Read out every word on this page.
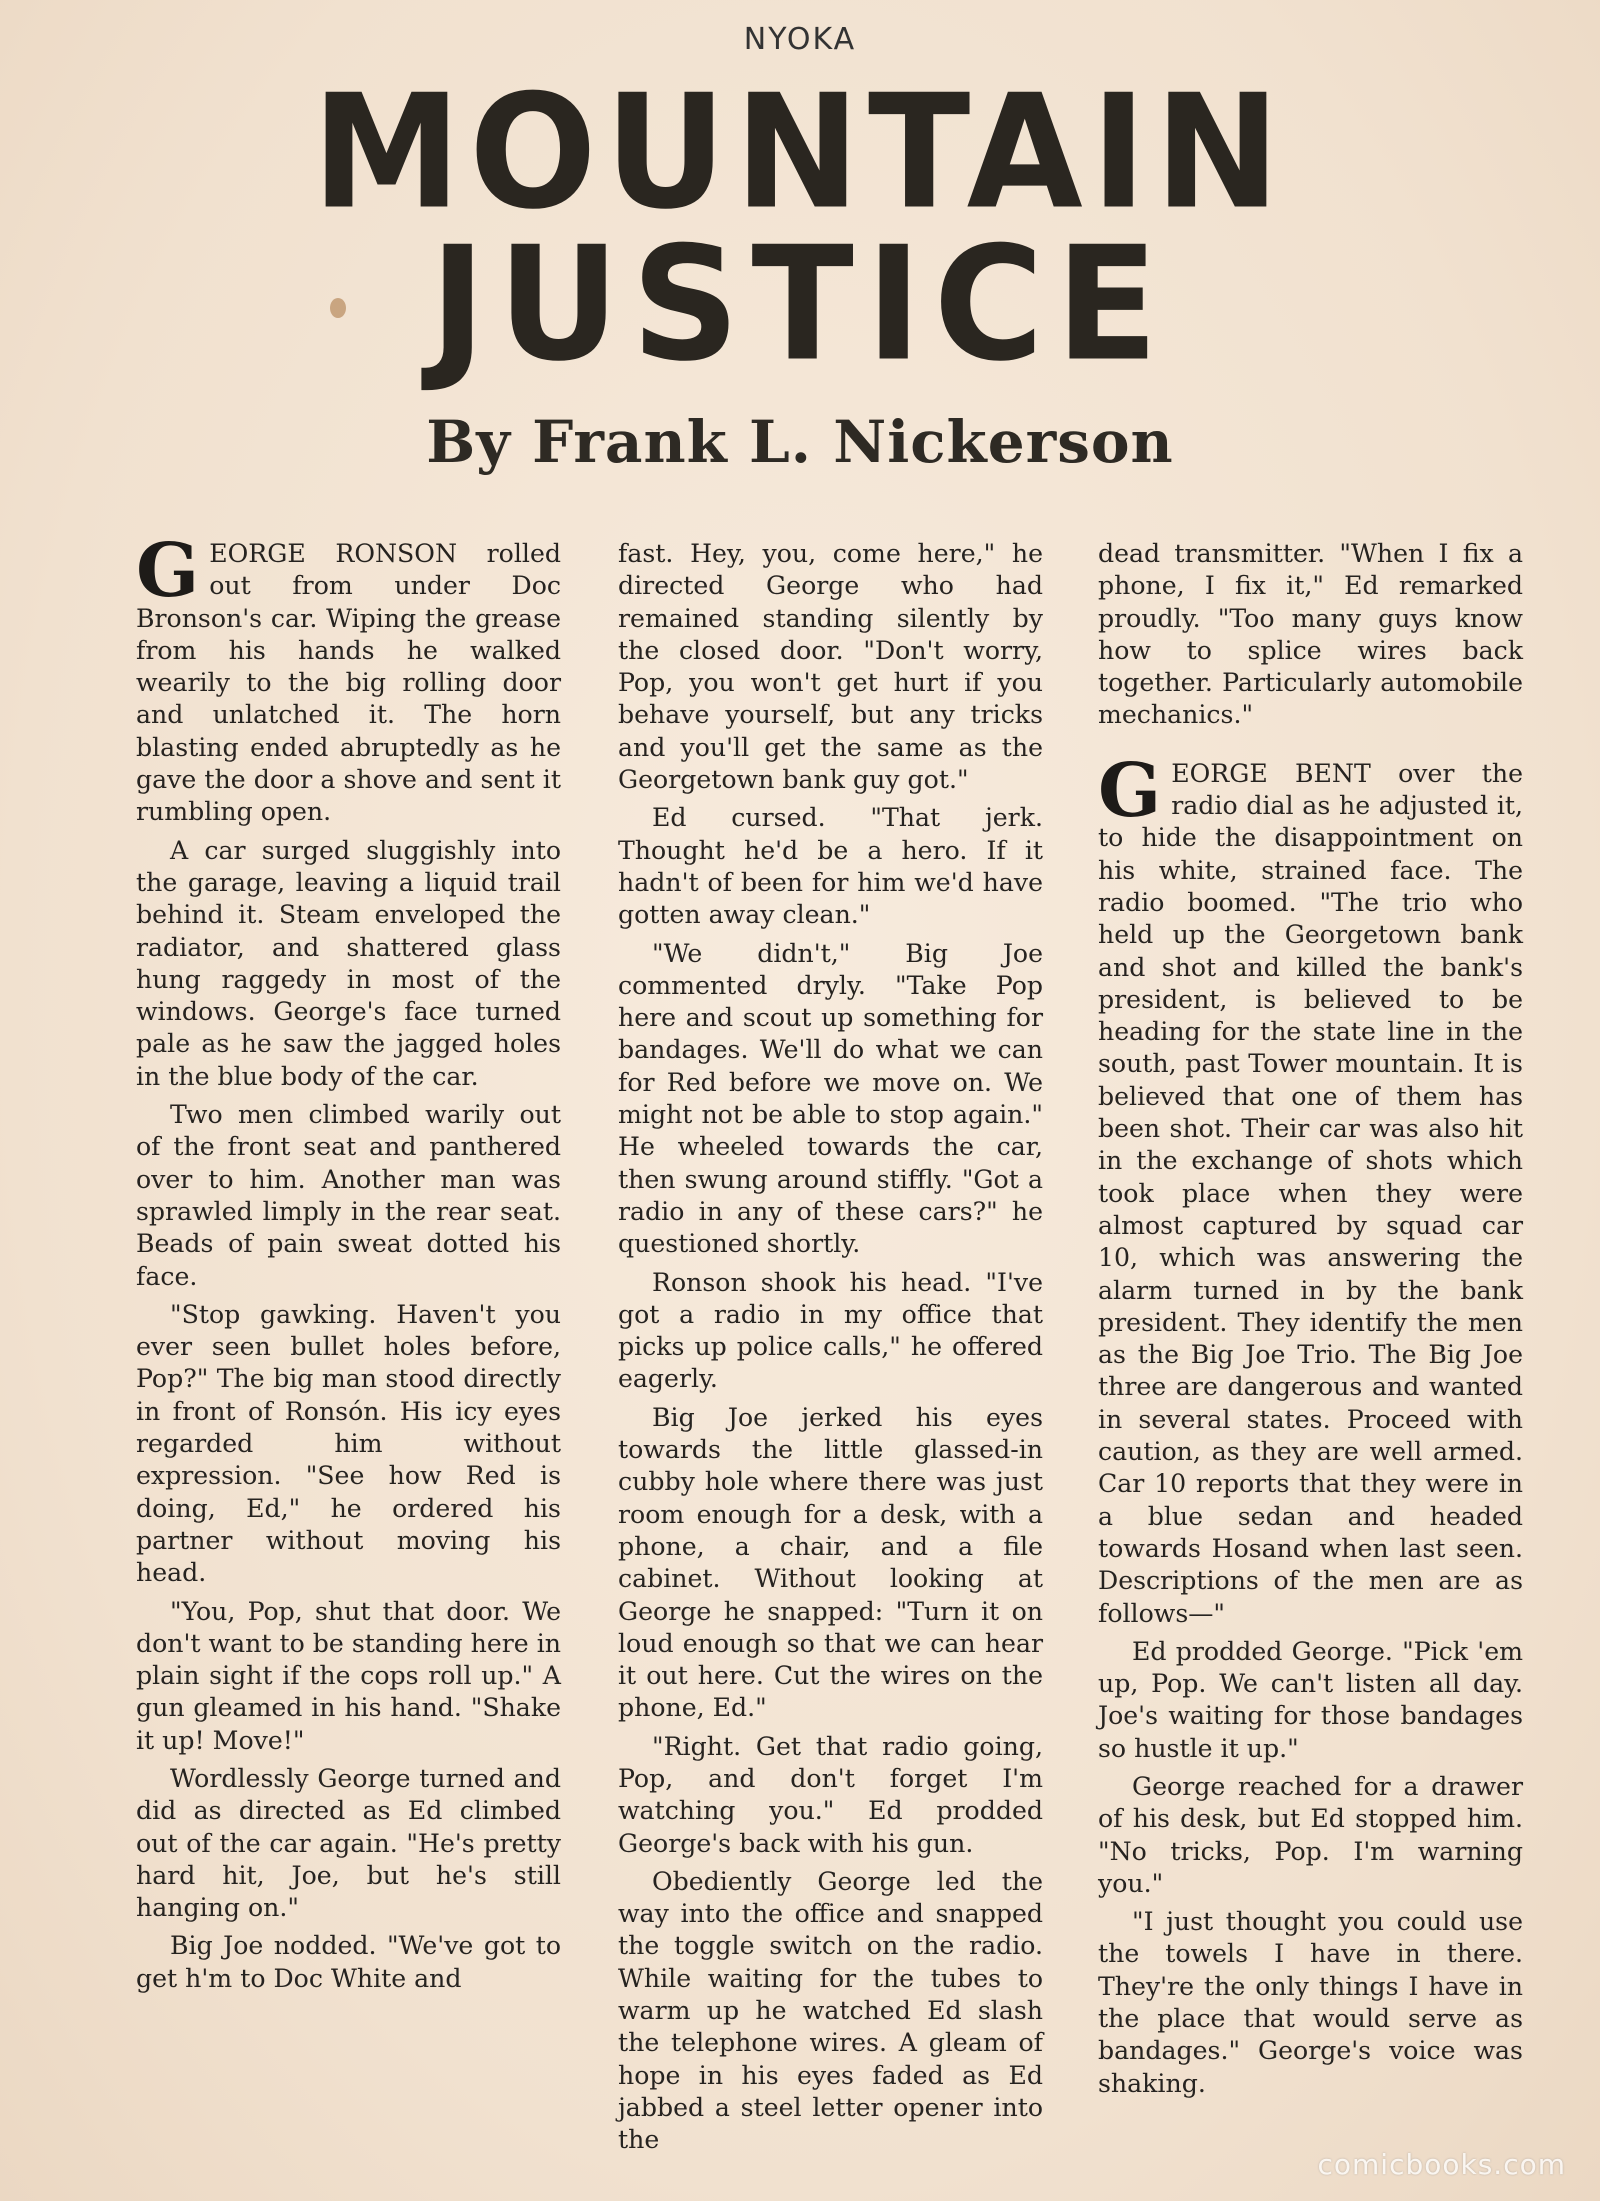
NYOKA
MOUNTAIN
JUSTICE
By Frank L. Nickerson

GEORGE RONSON rolled out from under Doc Bronson's car. Wiping the grease from his hands he walked wearily to the big rolling door and unlatched it. The horn blasting ended abruptedly as he gave the door a shove and sent it rumbling open.

A car surged sluggishly into the garage, leaving a liquid trail behind it. Steam enveloped the radiator, and shattered glass hung raggedy in most of the windows. George's face turned pale as he saw the jagged holes in the blue body of the car.

Two men climbed warily out of the front seat and panthered over to him. Another man was sprawled limply in the rear seat. Beads of pain sweat dotted his face.

"Stop gawking. Haven't you ever seen bullet holes before, Pop?" The big man stood directly in front of Ronsón. His icy eyes regarded him without expression. "See how Red is doing, Ed," he ordered his partner without moving his head.

"You, Pop, shut that door. We don't want to be standing here in plain sight if the cops roll up." A gun gleamed in his hand. "Shake it up! Move!"

Wordlessly George turned and did as directed as Ed climbed out of the car again. "He's pretty hard hit, Joe, but he's still hanging on."

Big Joe nodded. "We've got to get h'm to Doc White and

fast. Hey, you, come here," he directed George who had remained standing silently by the closed door. "Don't worry, Pop, you won't get hurt if you behave yourself, but any tricks and you'll get the same as the Georgetown bank guy got."

Ed cursed. "That jerk. Thought he'd be a hero. If it hadn't of been for him we'd have gotten away clean."

"We didn't," Big Joe commented dryly. "Take Pop here and scout up something for bandages. We'll do what we can for Red before we move on. We might not be able to stop again." He wheeled towards the car, then swung around stiffly. "Got a radio in any of these cars?" he questioned shortly.

Ronson shook his head. "I've got a radio in my office that picks up police calls," he offered eagerly.

Big Joe jerked his eyes towards the little glassed-in cubby hole where there was just room enough for a desk, with a phone, a chair, and a file cabinet. Without looking at George he snapped: "Turn it on loud enough so that we can hear it out here. Cut the wires on the phone, Ed."

"Right. Get that radio going, Pop, and don't forget I'm watching you." Ed prodded George's back with his gun.

Obediently George led the way into the office and snapped the toggle switch on the radio. While waiting for the tubes to warm up he watched Ed slash the telephone wires. A gleam of hope in his eyes faded as Ed jabbed a steel letter opener into the

dead transmitter. "When I fix a phone, I fix it," Ed remarked proudly. "Too many guys know how to splice wires back together. Particularly automobile mechanics."

GEORGE BENT over the radio dial as he adjusted it, to hide the disappointment on his white, strained face. The radio boomed. "The trio who held up the Georgetown bank and shot and killed the bank's president, is believed to be heading for the state line in the south, past Tower mountain. It is believed that one of them has been shot. Their car was also hit in the exchange of shots which took place when they were almost captured by squad car 10, which was answering the alarm turned in by the bank president. They identify the men as the Big Joe Trio. The Big Joe three are dangerous and wanted in several states. Proceed with caution, as they are well armed. Car 10 reports that they were in a blue sedan and headed towards Hosand when last seen. Descriptions of the men are as follows—"

Ed prodded George. "Pick 'em up, Pop. We can't listen all day. Joe's waiting for those bandages so hustle it up."

George reached for a drawer of his desk, but Ed stopped him. "No tricks, Pop. I'm warning you."

"I just thought you could use the towels I have in there. They're the only things I have in the place that would serve as bandages." George's voice was shaking.

comicbooks.com
